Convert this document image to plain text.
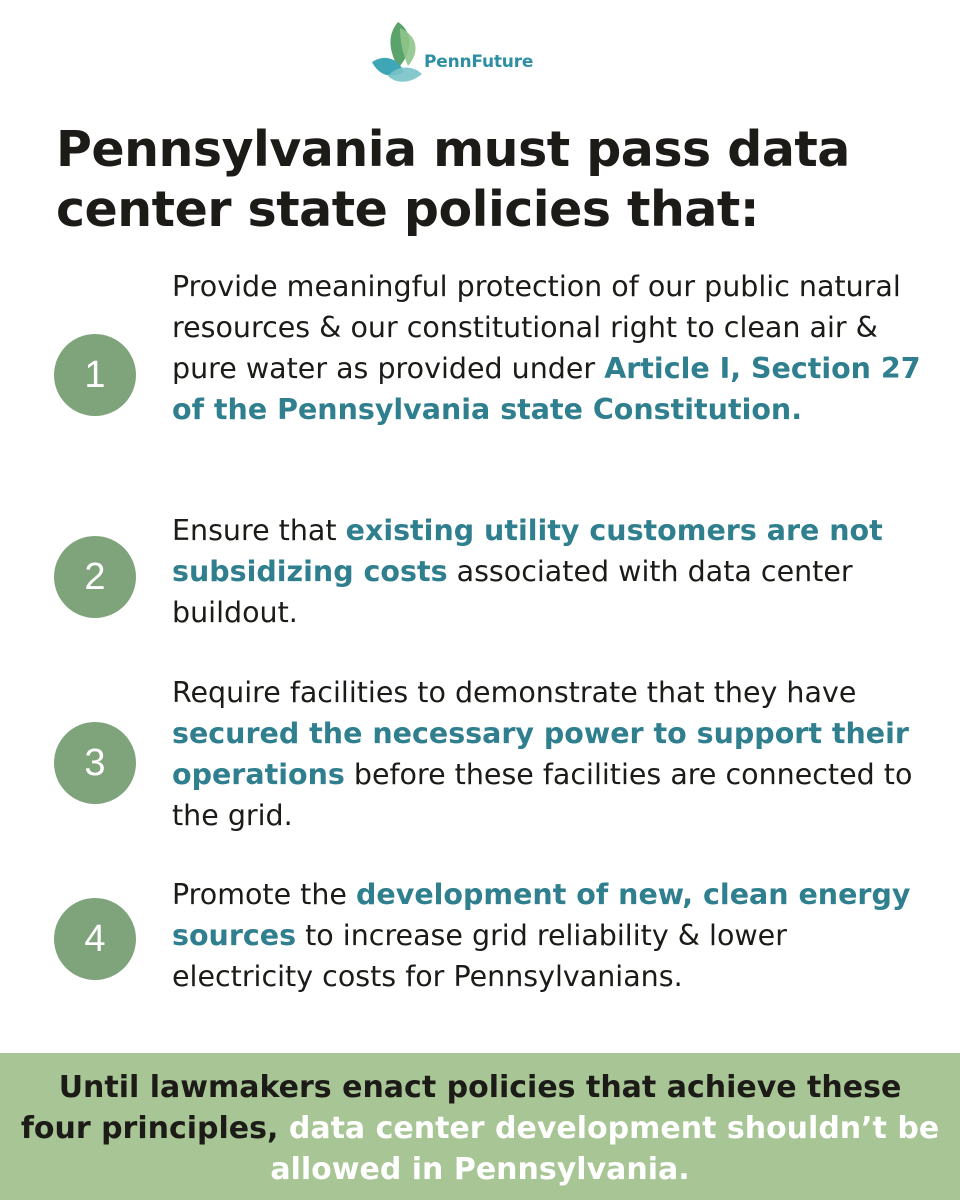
PennFuture
Pennsylvania must pass data
center state policies that:
1

Provide meaningful protection of our public natural resources & our constitutional right to clean air & pure water as provided under Article I, Section 27 of the Pennsylvania state Constitution.

2

Ensure that existing utility customers are not subsidizing costs associated with data center buildout.

3

Require facilities to demonstrate that they have secured the necessary power to support their operations before these facilities are connected to the grid.

4

Promote the development of new, clean energy sources to increase grid reliability & lower electricity costs for Pennsylvanians.

Until lawmakers enact policies that achieve these four principles, data center development shouldn’t be allowed in Pennsylvania.
